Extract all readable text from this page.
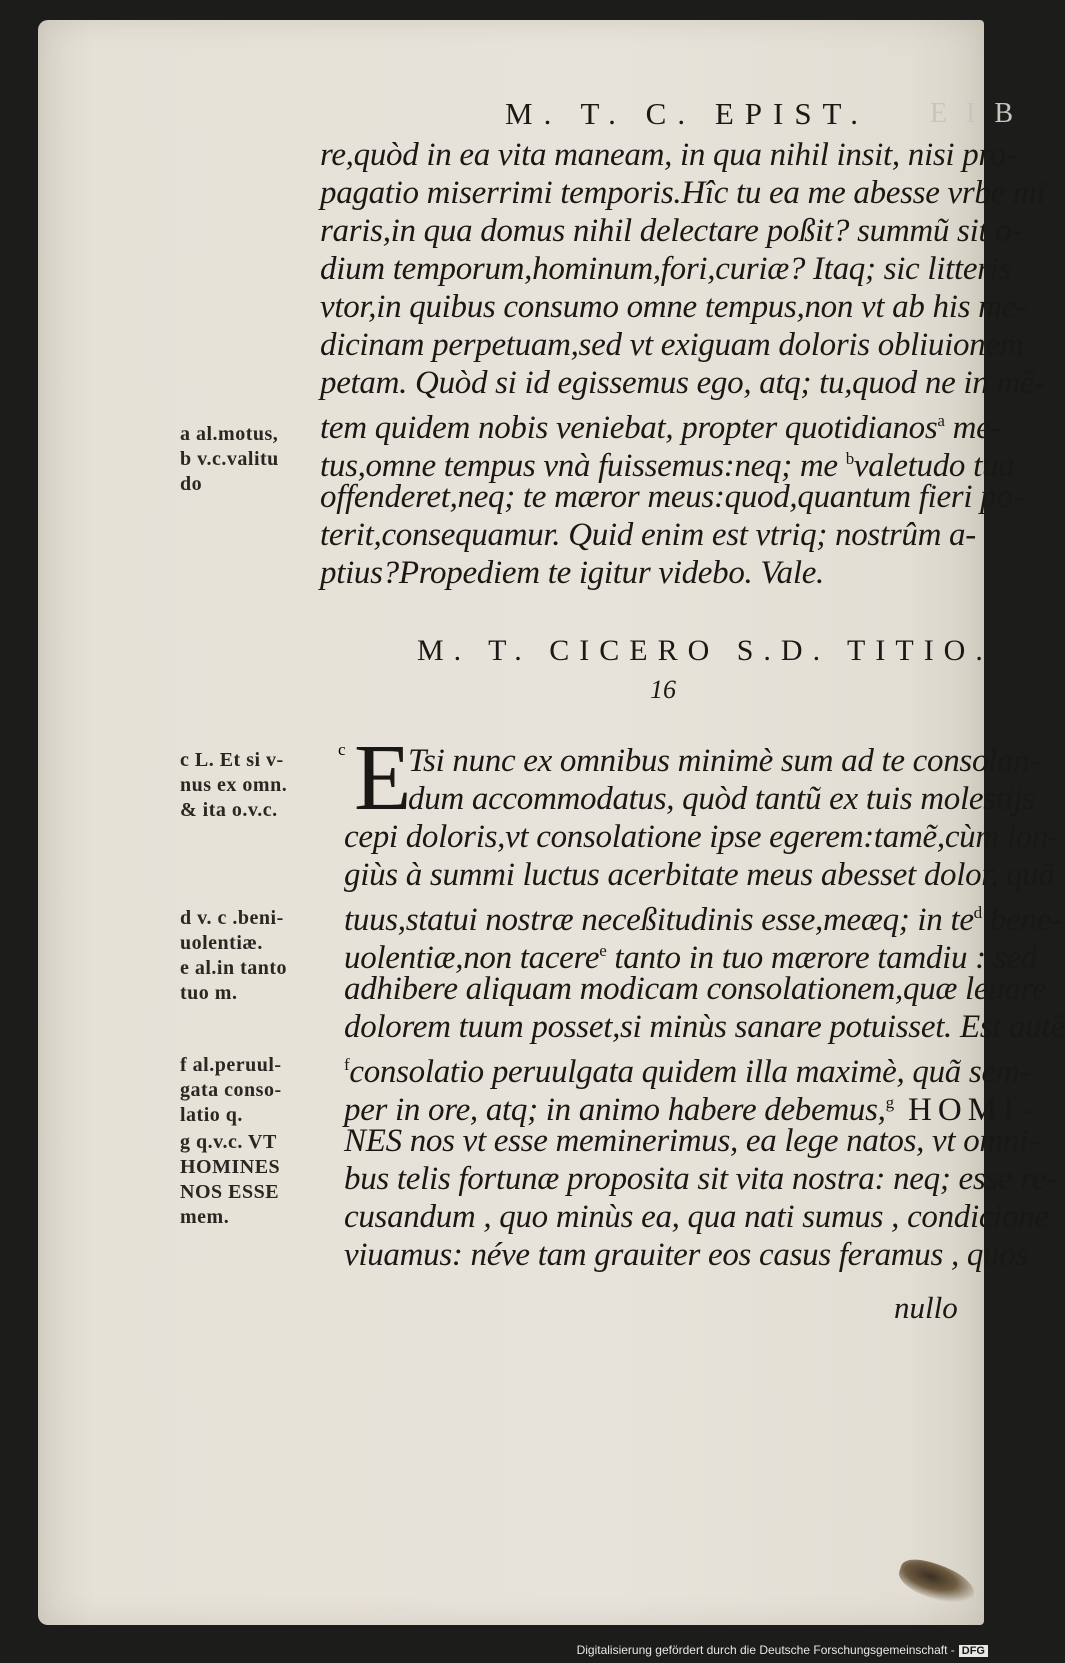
M. T. C. EPIST. E I B
re,quòd in ea vita maneam, in qua nihil insit, nisi pro-
pagatio miserrimi temporis.Hîc tu ea me abesse vrbe mi
raris,in qua domus nihil delectare poßit? summũ sit o-
dium temporum,hominum,fori,curiæ? Itaq; sic litteris
vtor,in quibus consumo omne tempus,non vt ab his me-
dicinam perpetuam,sed vt exiguam doloris obliuionem
petam. Quòd si id egissemus ego, atq; tu,quod ne in mẽ-
tem quidem nobis veniebat, propter quotidianos$^a$ me-
tus,omne tempus vnà fuissemus:neq; me $^b$valetudo tua
offenderet,neq; te mæror meus:quod,quantum fieri po-
terit,consequamur. Quid enim est vtriq; nostrûm a-
ptius?Propediem te igitur videbo. Vale.
M. T. CICERO S.D. TITIO.
16
c E
Tsi nunc ex omnibus minimè sum ad te consolan-
dum accommodatus, quòd tantũ ex tuis molestijs
cepi doloris,vt consolatione ipse egerem:tamẽ,cùm lon-
giùs à summi luctus acerbitate meus abesset dolor, quã
tuus,statui nostræ neceßitudinis esse,meæq; in te$^d$ bene-
uolentiæ,non tacere$^e$ tanto in tuo mærore tamdiu : sed
adhibere aliquam modicam consolationem,quæ leuare
dolorem tuum posset,si minùs sanare potuisset. Est autẽ
$^f$consolatio peruulgata quidem illa maximè, quã sem-
per in ore, atq; in animo habere debemus,$^g$ HOMI-
NES nos vt esse meminerimus, ea lege natos, vt omni-
bus telis fortunæ proposita sit vita nostra: neq; esse re-
cusandum , quo minùs ea, qua nati sumus , condicione
viuamus: néve tam grauiter eos casus feramus , quos
nullo
a al.motus,
b v.c.valitu
do
c L. Et si v-
nus ex omn.
& ita o.v.c.
d v. c .beni-
uolentiæ.
e al.in tanto
tuo m.
f al.peruul-
gata conso-
latio q.
g q.v.c. VT
HOMINES
NOS ESSE
mem.
Digitalisierung gefördert durch die Deutsche Forschungsgemeinschaft - DFG
